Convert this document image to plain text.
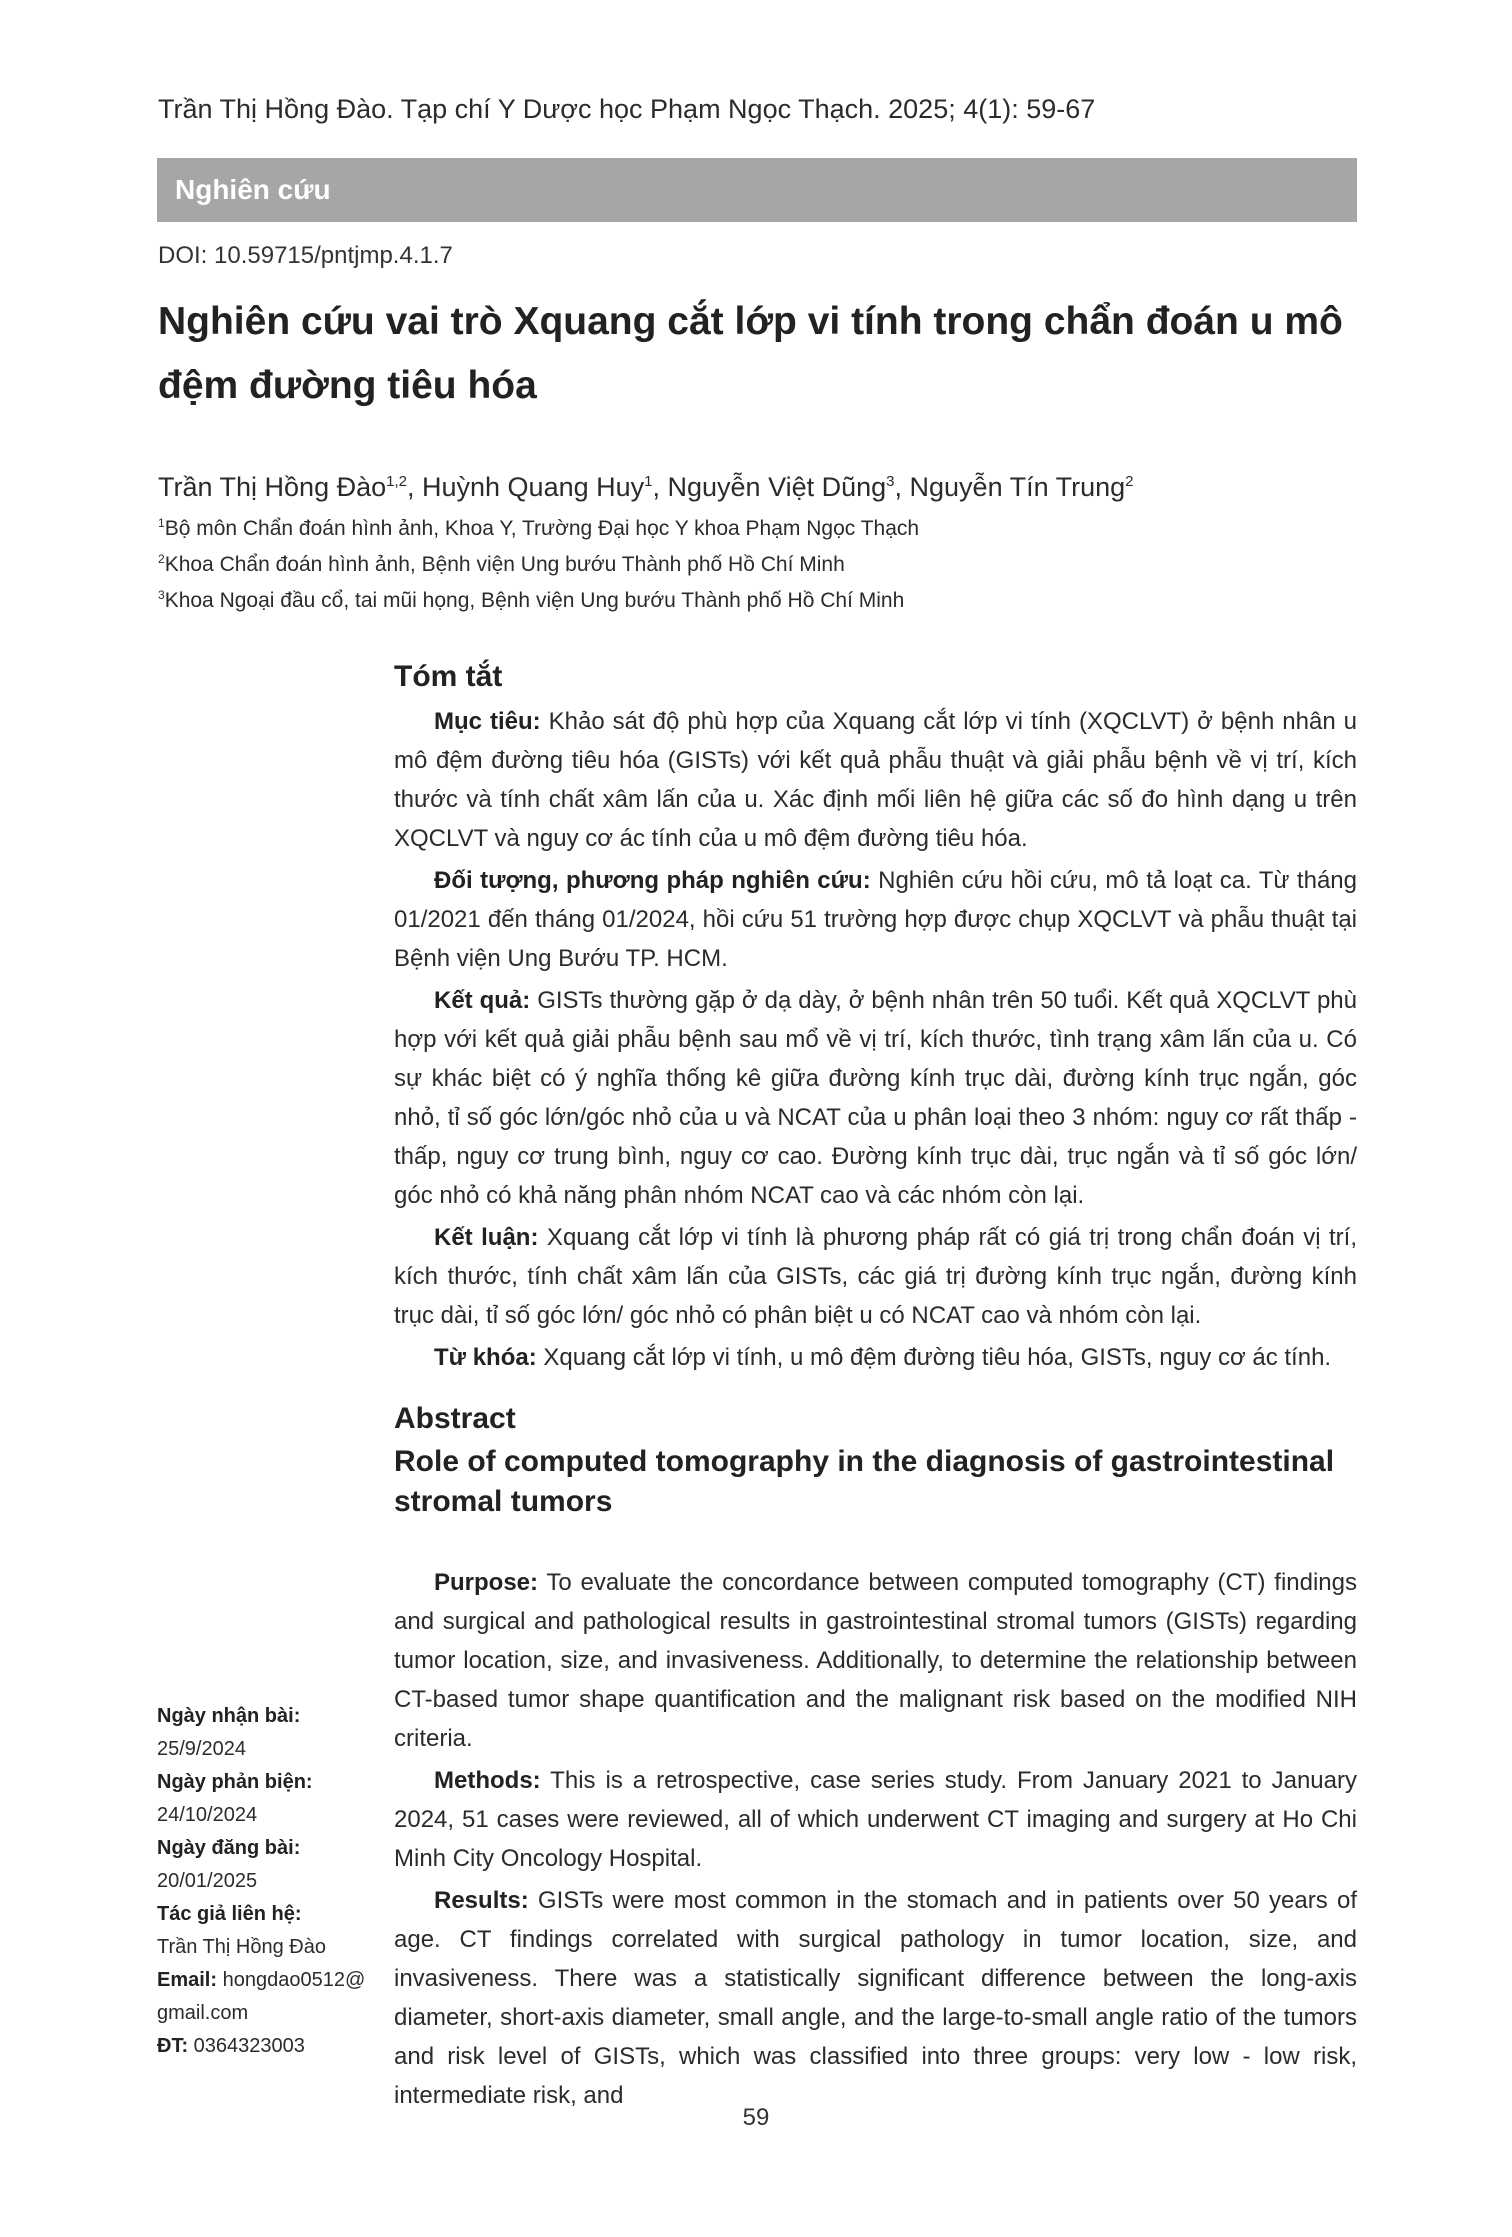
Trần Thị Hồng Đào. Tạp chí Y Dược học Phạm Ngọc Thạch. 2025; 4(1): 59-67
Nghiên cứu
DOI: 10.59715/pntjmp.4.1.7
Nghiên cứu vai trò Xquang cắt lớp vi tính trong chẩn đoán u mô đệm đường tiêu hóa
Trần Thị Hồng Đào$^{1,2}$, Huỳnh Quang Huy$^1$, Nguyễn Việt Dũng$^3$, Nguyễn Tín Trung$^2$
$^1$Bộ môn Chẩn đoán hình ảnh, Khoa Y, Trường Đại học Y khoa Phạm Ngọc Thạch
$^2$Khoa Chẩn đoán hình ảnh, Bệnh viện Ung bướu Thành phố Hồ Chí Minh
$^3$Khoa Ngoại đầu cổ, tai mũi họng, Bệnh viện Ung bướu Thành phố Hồ Chí Minh
Tóm tắt

Mục tiêu: Khảo sát độ phù hợp của Xquang cắt lớp vi tính (XQCLVT) ở bệnh nhân u mô đệm đường tiêu hóa (GISTs) với kết quả phẫu thuật và giải phẫu bệnh về vị trí, kích thước và tính chất xâm lấn của u. Xác định mối liên hệ giữa các số đo hình dạng u trên XQCLVT và nguy cơ ác tính của u mô đệm đường tiêu hóa.

Đối tượng, phương pháp nghiên cứu: Nghiên cứu hồi cứu, mô tả loạt ca. Từ tháng 01/2021 đến tháng 01/2024, hồi cứu 51 trường hợp được chụp XQCLVT và phẫu thuật tại Bệnh viện Ung Bướu TP. HCM.

Kết quả: GISTs thường gặp ở dạ dày, ở bệnh nhân trên 50 tuổi. Kết quả XQCLVT phù hợp với kết quả giải phẫu bệnh sau mổ về vị trí, kích thước, tình trạng xâm lấn của u. Có sự khác biệt có ý nghĩa thống kê giữa đường kính trục dài, đường kính trục ngắn, góc nhỏ, tỉ số góc lớn/góc nhỏ của u và NCAT của u phân loại theo 3 nhóm: nguy cơ rất thấp - thấp, nguy cơ trung bình, nguy cơ cao. Đường kính trục dài, trục ngắn và tỉ số góc lớn/ góc nhỏ có khả năng phân nhóm NCAT cao và các nhóm còn lại.

Kết luận: Xquang cắt lớp vi tính là phương pháp rất có giá trị trong chẩn đoán vị trí, kích thước, tính chất xâm lấn của GISTs, các giá trị đường kính trục ngắn, đường kính trục dài, tỉ số góc lớn/ góc nhỏ có phân biệt u có NCAT cao và nhóm còn lại.

Từ khóa: Xquang cắt lớp vi tính, u mô đệm đường tiêu hóa, GISTs, nguy cơ ác tính.

Abstract
Role of computed tomography in the diagnosis of gastrointestinal stromal tumors

Purpose: To evaluate the concordance between computed tomography (CT) findings and surgical and pathological results in gastrointestinal stromal tumors (GISTs) regarding tumor location, size, and invasiveness. Additionally, to determine the relationship between CT-based tumor shape quantification and the malignant risk based on the modified NIH criteria.

Methods: This is a retrospective, case series study. From January 2021 to January 2024, 51 cases were reviewed, all of which underwent CT imaging and surgery at Ho Chi Minh City Oncology Hospital.

Results: GISTs were most common in the stomach and in patients over 50 years of age. CT findings correlated with surgical pathology in tumor location, size, and invasiveness. There was a statistically significant difference between the long-axis diameter, short-axis diameter, small angle, and the large-to-small angle ratio of the tumors and risk level of GISTs, which was classified into three groups: very low - low risk, intermediate risk, and

Ngày nhận bài:
25/9/2024
Ngày phản biện:
24/10/2024
Ngày đăng bài:
20/01/2025
Tác giả liên hệ:
Trần Thị Hồng Đào
Email: hongdao0512@
gmail.com
ĐT: 0364323003
59
